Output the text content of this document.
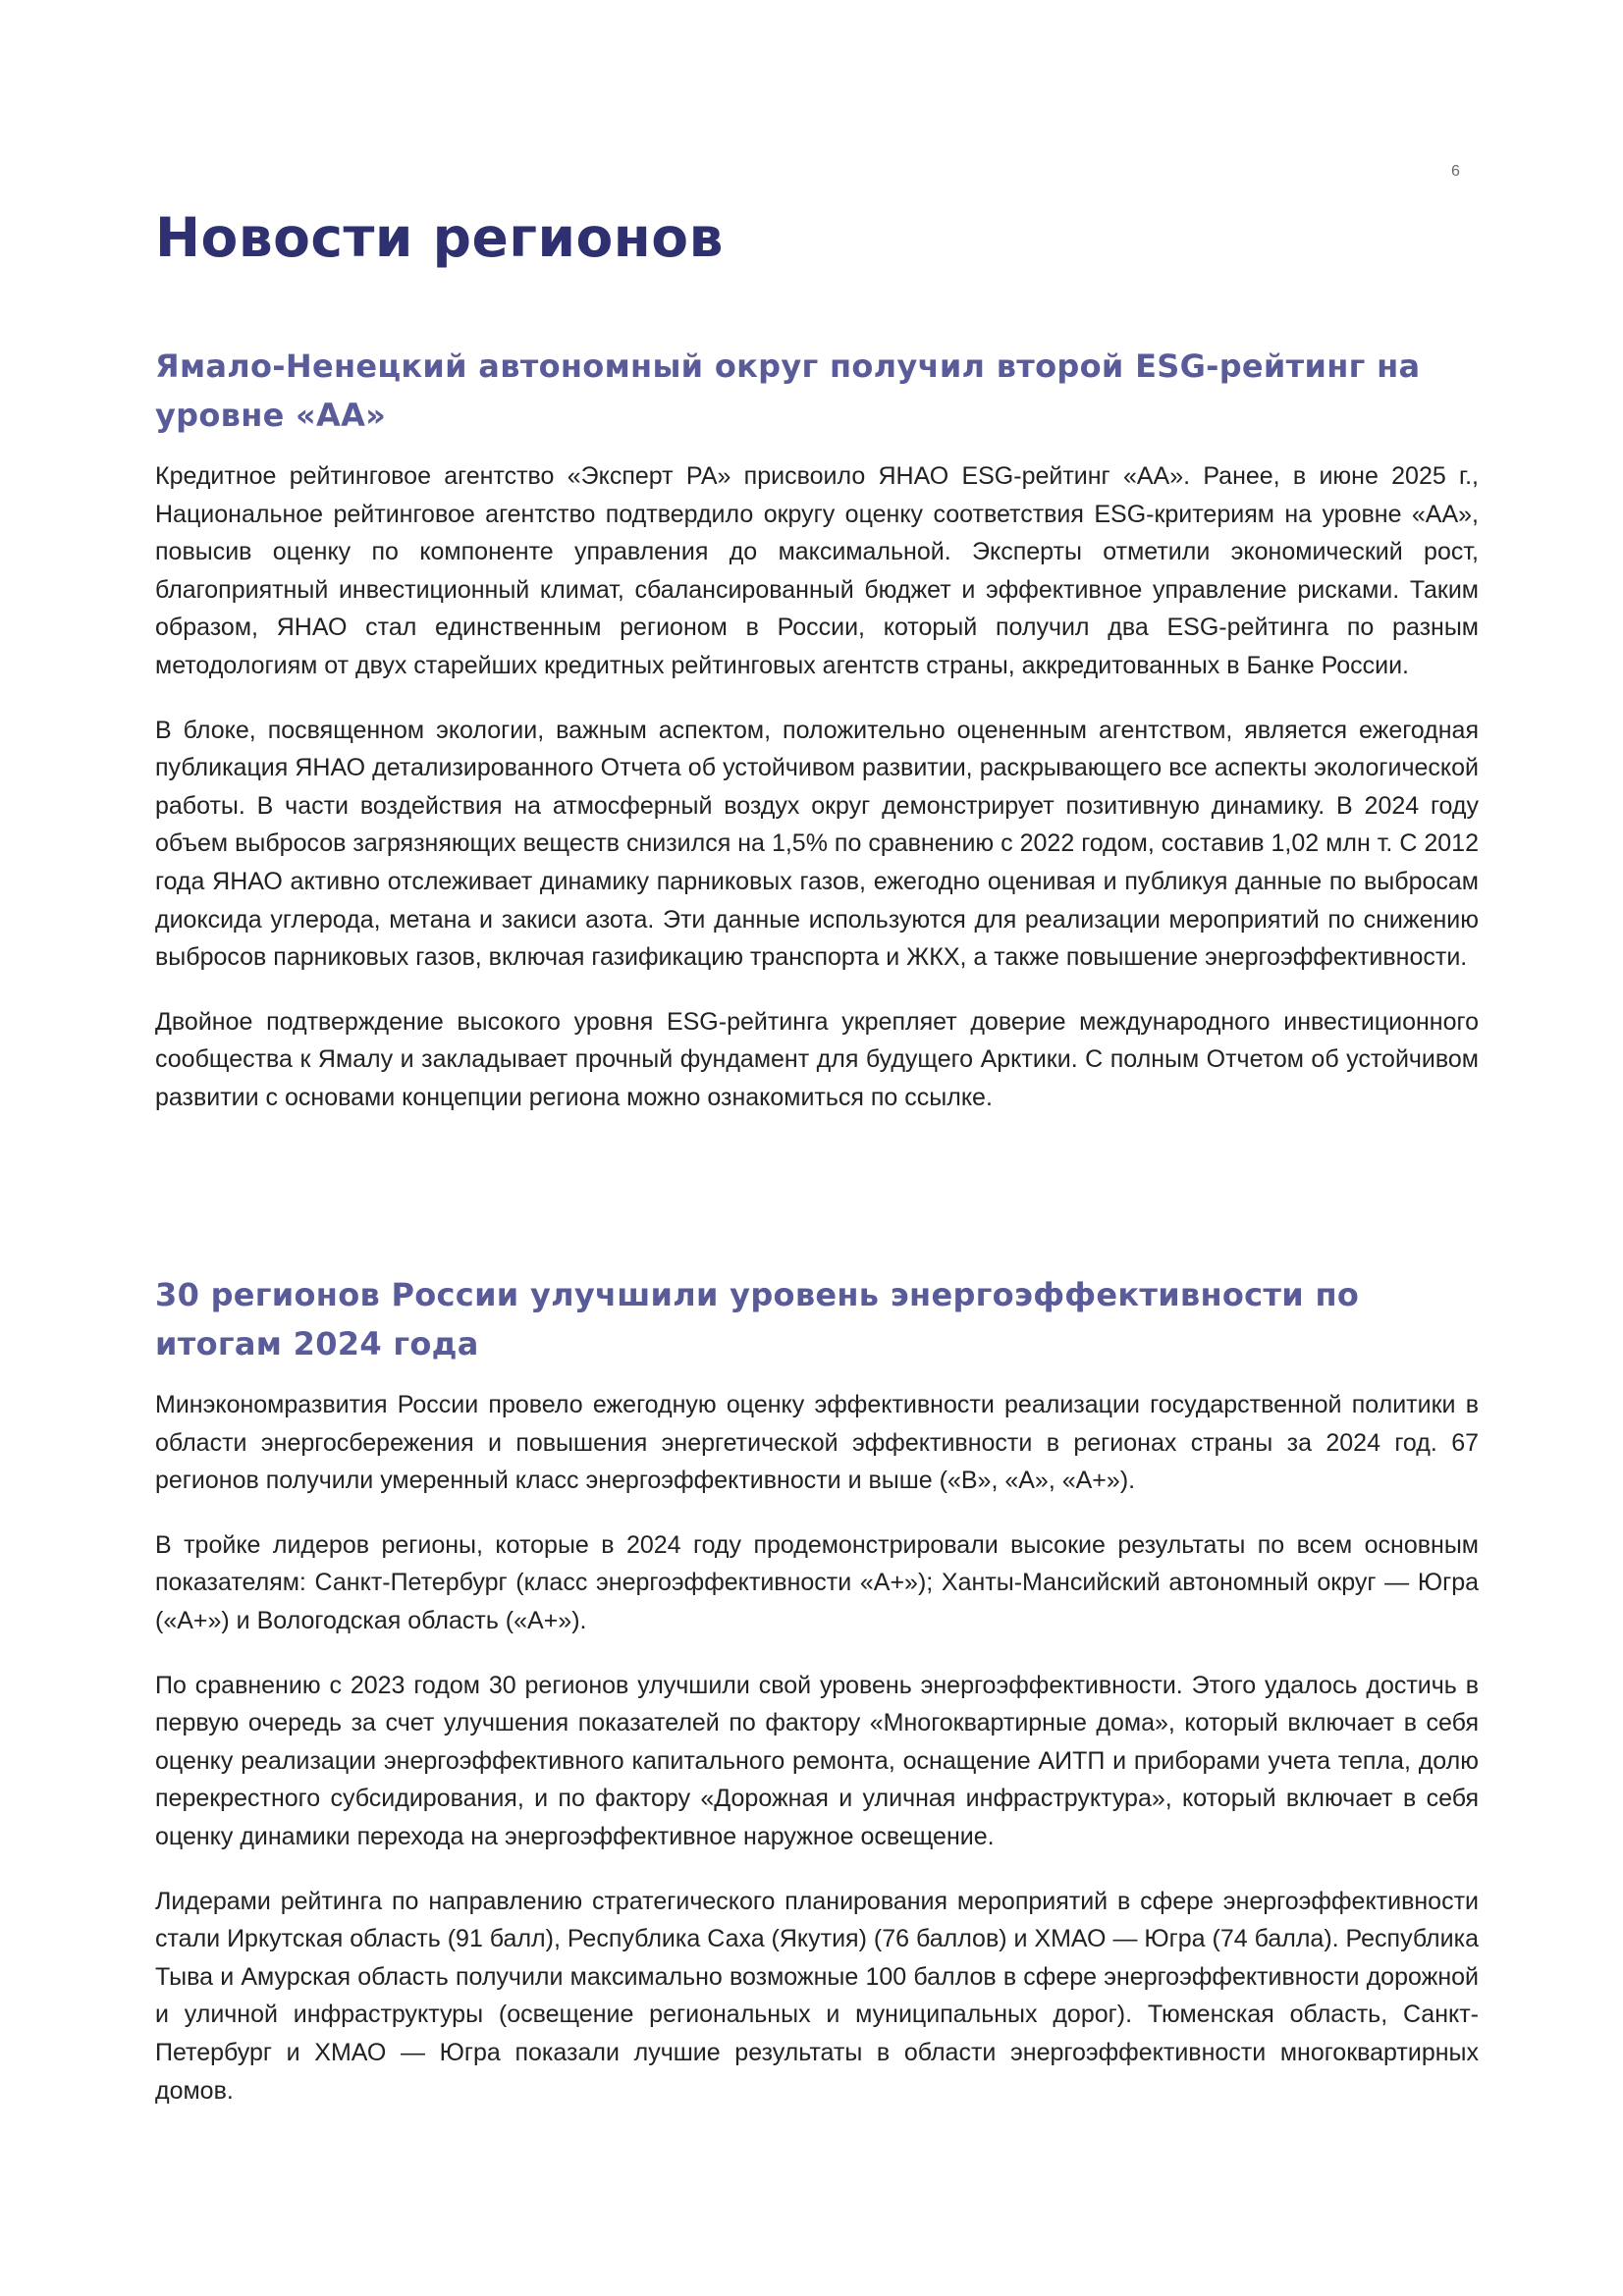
6
Новости регионов
Ямало-Ненецкий автономный округ получил второй ESG-рейтинг на уровне «АА»

Кредитное рейтинговое агентство «Эксперт РА» присвоило ЯНАО ESG-рейтинг «АА». Ранее, в июне 2025 г., Национальное рейтинговое агентство подтвердило округу оценку соответствия ESG-критериям на уровне «АА», повысив оценку по компоненте управления до максимальной. Эксперты отметили экономический рост, благоприятный инвестиционный климат, сбалансированный бюджет и эффективное управление рисками. Таким образом, ЯНАО стал единственным регионом в России, который получил два ESG-рейтинга по разным методологиям от двух старейших кредитных рейтинговых агентств страны, аккредитованных в Банке России.

В блоке, посвященном экологии, важным аспектом, положительно оцененным агентством, является ежегодная публикация ЯНАО детализированного Отчета об устойчивом развитии, раскрывающего все аспекты экологической работы. В части воздействия на атмосферный воздух округ демонстрирует позитивную динамику. В 2024 году объем выбросов загрязняющих веществ снизился на 1,5% по сравнению с 2022 годом, составив 1,02 млн т. С 2012 года ЯНАО активно отслеживает динамику парниковых газов, ежегодно оценивая и публикуя данные по выбросам диоксида углерода, метана и закиси азота. Эти данные используются для реализации мероприятий по снижению выбросов парниковых газов, включая газификацию транспорта и ЖКХ, а также повышение энергоэффективности.

Двойное подтверждение высокого уровня ESG-рейтинга укрепляет доверие международного инвестиционного сообщества к Ямалу и закладывает прочный фундамент для будущего Арктики. С полным Отчетом об устойчивом развитии с основами концепции региона можно ознакомиться по ссылке.

30 регионов России улучшили уровень энергоэффективности по итогам 2024 года

Минэкономразвития России провело ежегодную оценку эффективности реализации государственной политики в области энергосбережения и повышения энергетической эффективности в регионах страны за 2024 год. 67 регионов получили умеренный класс энергоэффективности и выше («B», «A», «A+»).

В тройке лидеров регионы, которые в 2024 году продемонстрировали высокие результаты по всем основным показателям: Санкт-Петербург (класс энергоэффективности «A+»); Ханты-Мансийский автономный округ — Югра («A+») и Вологодская область («A+»).

По сравнению с 2023 годом 30 регионов улучшили свой уровень энергоэффективности. Этого удалось достичь в первую очередь за счет улучшения показателей по фактору «Многоквартирные дома», который включает в себя оценку реализации энергоэффективного капитального ремонта, оснащение АИТП и приборами учета тепла, долю перекрестного субсидирования, и по фактору «Дорожная и уличная инфраструктура», который включает в себя оценку динамики перехода на энергоэффективное наружное освещение.

Лидерами рейтинга по направлению стратегического планирования мероприятий в сфере энергоэффективности стали Иркутская область (91 балл), Республика Саха (Якутия) (76 баллов) и ХМАО — Югра (74 балла). Республика Тыва и Амурская область получили максимально возможные 100 баллов в сфере энергоэффективности дорожной и уличной инфраструктуры (освещение региональных и муниципальных дорог). Тюменская область, Санкт-Петербург и ХМАО — Югра показали лучшие результаты в области энергоэффективности многоквартирных домов.
